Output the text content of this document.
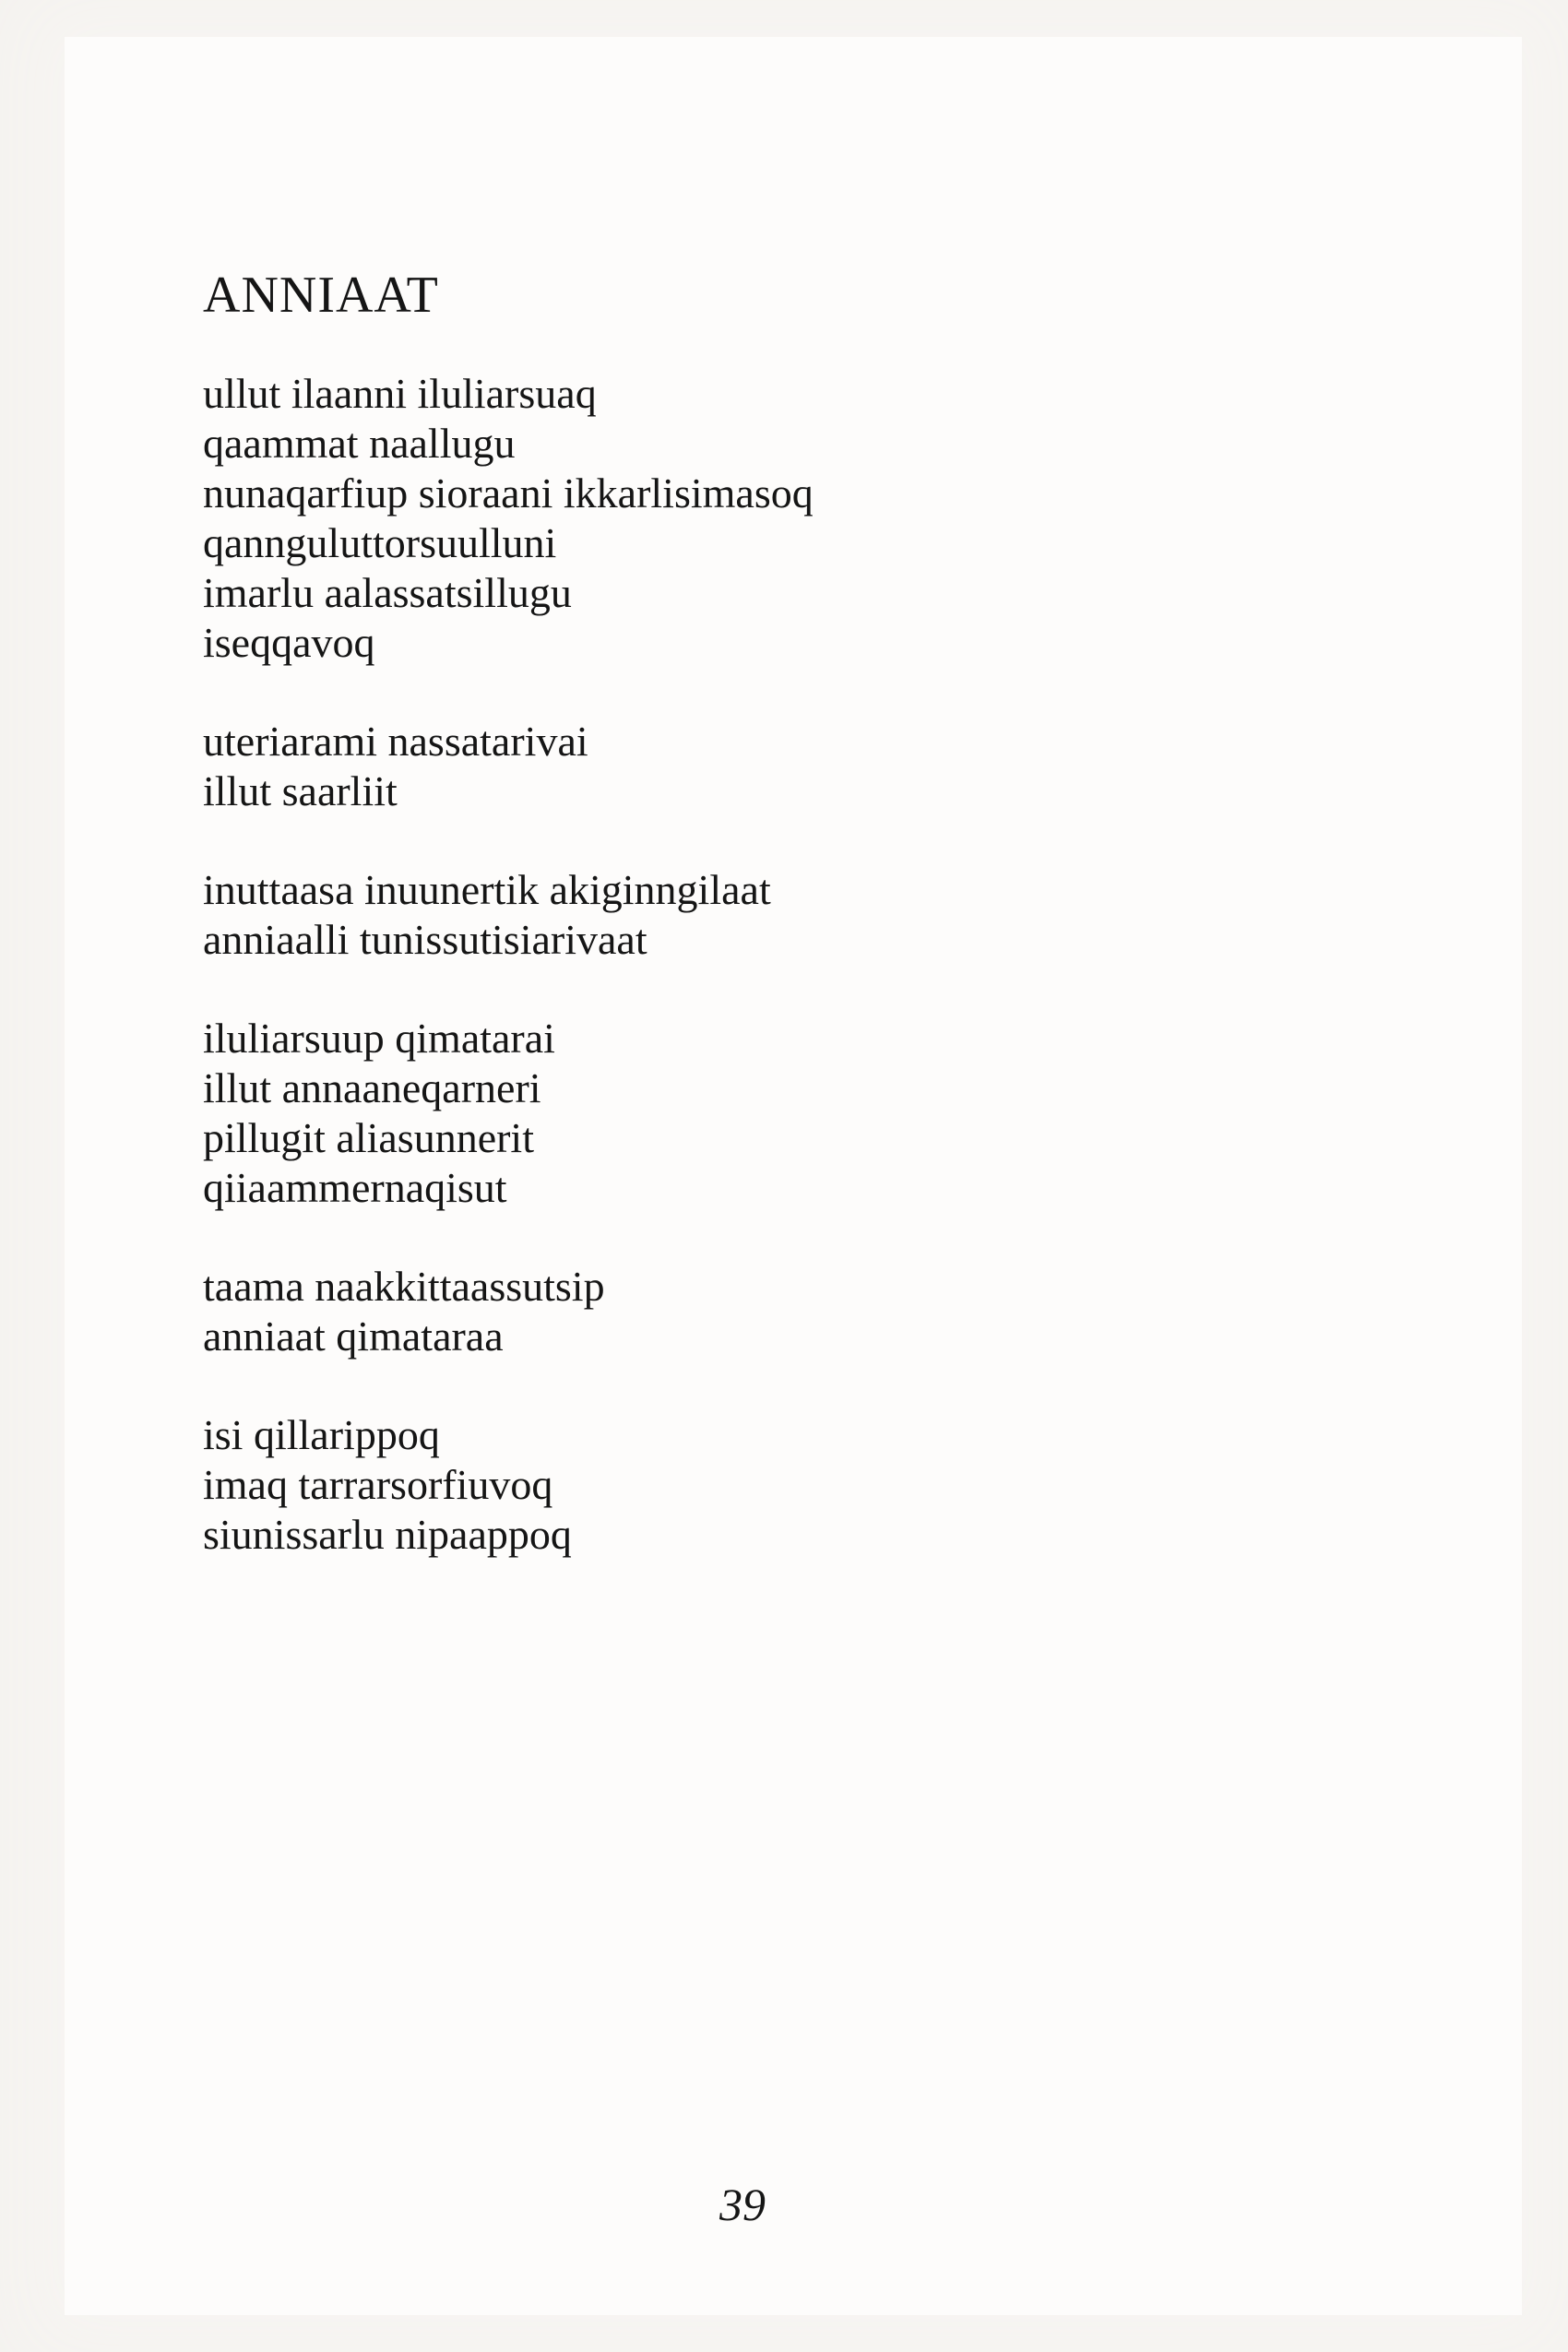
ANNIAAT
ullut ilaanni iluliarsuaq
qaammat naallugu
nunaqarfiup sioraani ikkarlisimasoq
qannguluttorsuulluni
imarlu aalassatsillugu
iseqqavoq
uteriarami nassatarivai
illut saarliit
inuttaasa inuunertik akiginngilaat
anniaalli tunissutisiarivaat
iluliarsuup qimatarai
illut annaaneqarneri
pillugit aliasunnerit
qiiaammernaqisut
taama naakkittaassutsip
anniaat qimataraa
isi qillarippoq
imaq tarrarsorfiuvoq
siunissarlu nipaappoq
39
